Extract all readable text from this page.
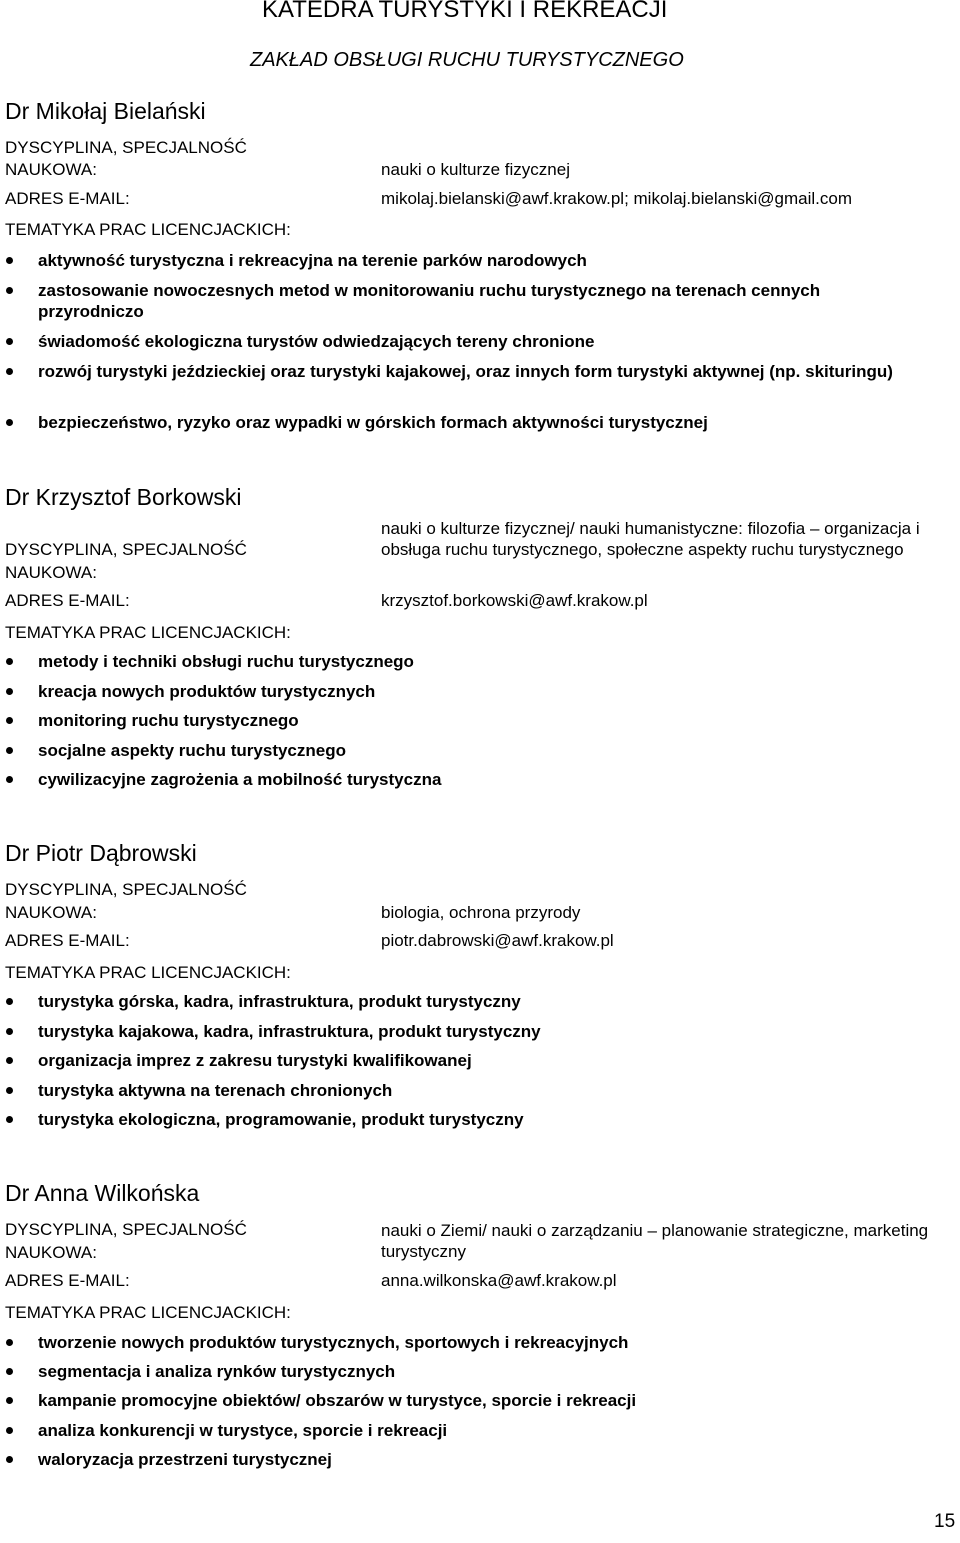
KATEDRA TURYSTYKI I REKREACJI
ZAKŁAD OBSŁUGI RUCHU TURYSTYCZNEGO
Dr Mikołaj Bielański
DYSCYPLINA, SPECJALNOŚĆ
NAUKOWA:	nauki o kulturze fizycznej
ADRES E-MAIL:	mikolaj.bielanski@awf.krakow.pl; mikolaj.bielanski@gmail.com
TEMATYKA PRAC LICENCJACKICH:
aktywność turystyczna i rekreacyjna na terenie parków narodowych
zastosowanie nowoczesnych metod w monitorowaniu ruchu turystycznego na terenach cennych przyrodniczo
świadomość ekologiczna turystów odwiedzających tereny chronione
rozwój turystyki jeździeckiej oraz turystyki kajakowej, oraz innych form turystyki aktywnej (np. skituringu)
bezpieczeństwo, ryzyko oraz wypadki w górskich formach aktywności turystycznej
Dr Krzysztof Borkowski
DYSCYPLINA, SPECJALNOŚĆ
NAUKOWA:
nauki o kulturze fizycznej/ nauki humanistyczne: filozofia – organizacja i obsługa ruchu turystycznego, społeczne aspekty ruchu turystycznego
ADRES E-MAIL:	krzysztof.borkowski@awf.krakow.pl
TEMATYKA PRAC LICENCJACKICH:
metody i techniki obsługi ruchu turystycznego
kreacja nowych produktów turystycznych
monitoring ruchu turystycznego
socjalne aspekty ruchu turystycznego
cywilizacyjne zagrożenia a mobilność turystyczna
Dr Piotr Dąbrowski
DYSCYPLINA, SPECJALNOŚĆ
NAUKOWA:	biologia, ochrona przyrody
ADRES E-MAIL:	piotr.dabrowski@awf.krakow.pl
TEMATYKA PRAC LICENCJACKICH:
turystyka górska, kadra, infrastruktura, produkt turystyczny
turystyka kajakowa, kadra, infrastruktura, produkt turystyczny
organizacja imprez z zakresu turystyki kwalifikowanej
turystyka aktywna na terenach chronionych
turystyka ekologiczna, programowanie, produkt turystyczny
Dr Anna Wilkońska
DYSCYPLINA, SPECJALNOŚĆ
NAUKOWA:
nauki o Ziemi/ nauki o zarządzaniu – planowanie strategiczne, marketing turystyczny
ADRES E-MAIL:	anna.wilkonska@awf.krakow.pl
TEMATYKA PRAC LICENCJACKICH:
tworzenie nowych produktów turystycznych, sportowych i rekreacyjnych
segmentacja i analiza rynków turystycznych
kampanie promocyjne obiektów/ obszarów w turystyce, sporcie i rekreacji
analiza konkurencji w turystyce, sporcie i rekreacji
waloryzacja przestrzeni turystycznej
15
